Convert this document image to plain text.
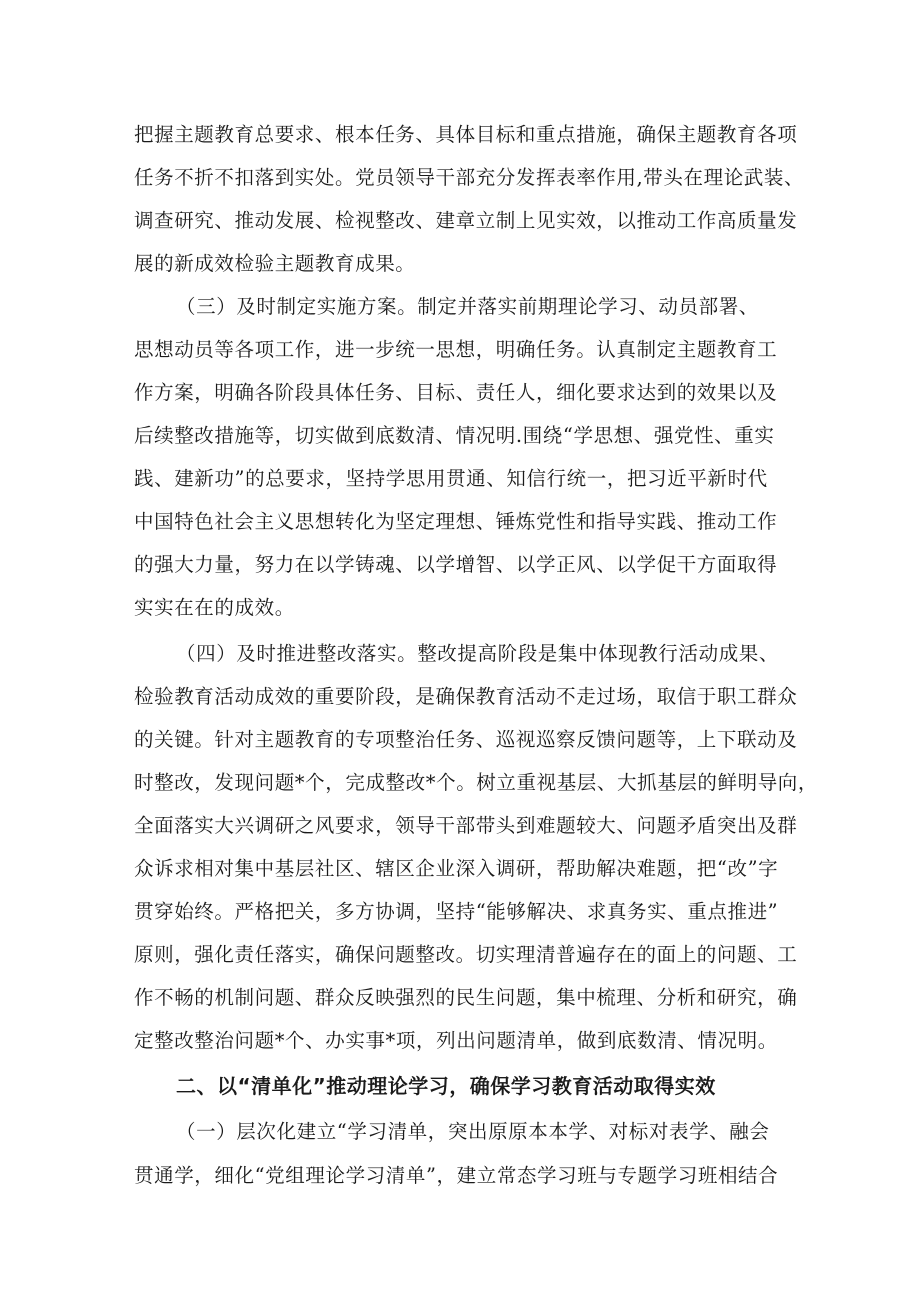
把握主题教育总要求、根本任务、具体目标和重点措施，确保主题教育各项
任务不折不扣落到实处。党员领导干部充分发挥表率作用,带头在理论武装、
调查研究、推动发展、检视整改、建章立制上见实效，以推动工作高质量发
展的新成效检验主题教育成果。
（三）及时制定实施方案。制定并落实前期理论学习、动员部署、
思想动员等各项工作，进一步统一思想，明确任务。认真制定主题教育工
作方案，明确各阶段具体任务、目标、责任人，细化要求达到的效果以及
后续整改措施等，切实做到底数清、情况明.围绕“学思想、强党性、重实
践、建新功”的总要求，坚持学思用贯通、知信行统一，把习近平新时代
中国特色社会主义思想转化为坚定理想、锤炼党性和指导实践、推动工作
的强大力量，努力在以学铸魂、以学增智、以学正风、以学促干方面取得
实实在在的成效。
（四）及时推进整改落实。整改提高阶段是集中体现教行活动成果、
检验教育活动成效的重要阶段，是确保教育活动不走过场，取信于职工群众
的关键。针对主题教育的专项整治任务、巡视巡察反馈问题等，上下联动及
时整改，发现问题*个，完成整改*个。树立重视基层、大抓基层的鲜明导向，
全面落实大兴调研之风要求，领导干部带头到难题较大、问题矛盾突出及群
众诉求相对集中基层社区、辖区企业深入调研，帮助解决难题，把“改”字
贯穿始终。严格把关，多方协调，坚持“能够解决、求真务实、重点推进”
原则，强化责任落实，确保问题整改。切实理清普遍存在的面上的问题、工
作不畅的机制问题、群众反映强烈的民生问题，集中梳理、分析和研究，确
定整改整治问题*个、办实事*项，列出问题清单，做到底数清、情况明。
二、以“清单化”推动理论学习，确保学习教育活动取得实效
（一）层次化建立“学习清单，突出原原本本学、对标对表学、融会
贯通学，细化“党组理论学习清单”，建立常态学习班与专题学习班相结合
